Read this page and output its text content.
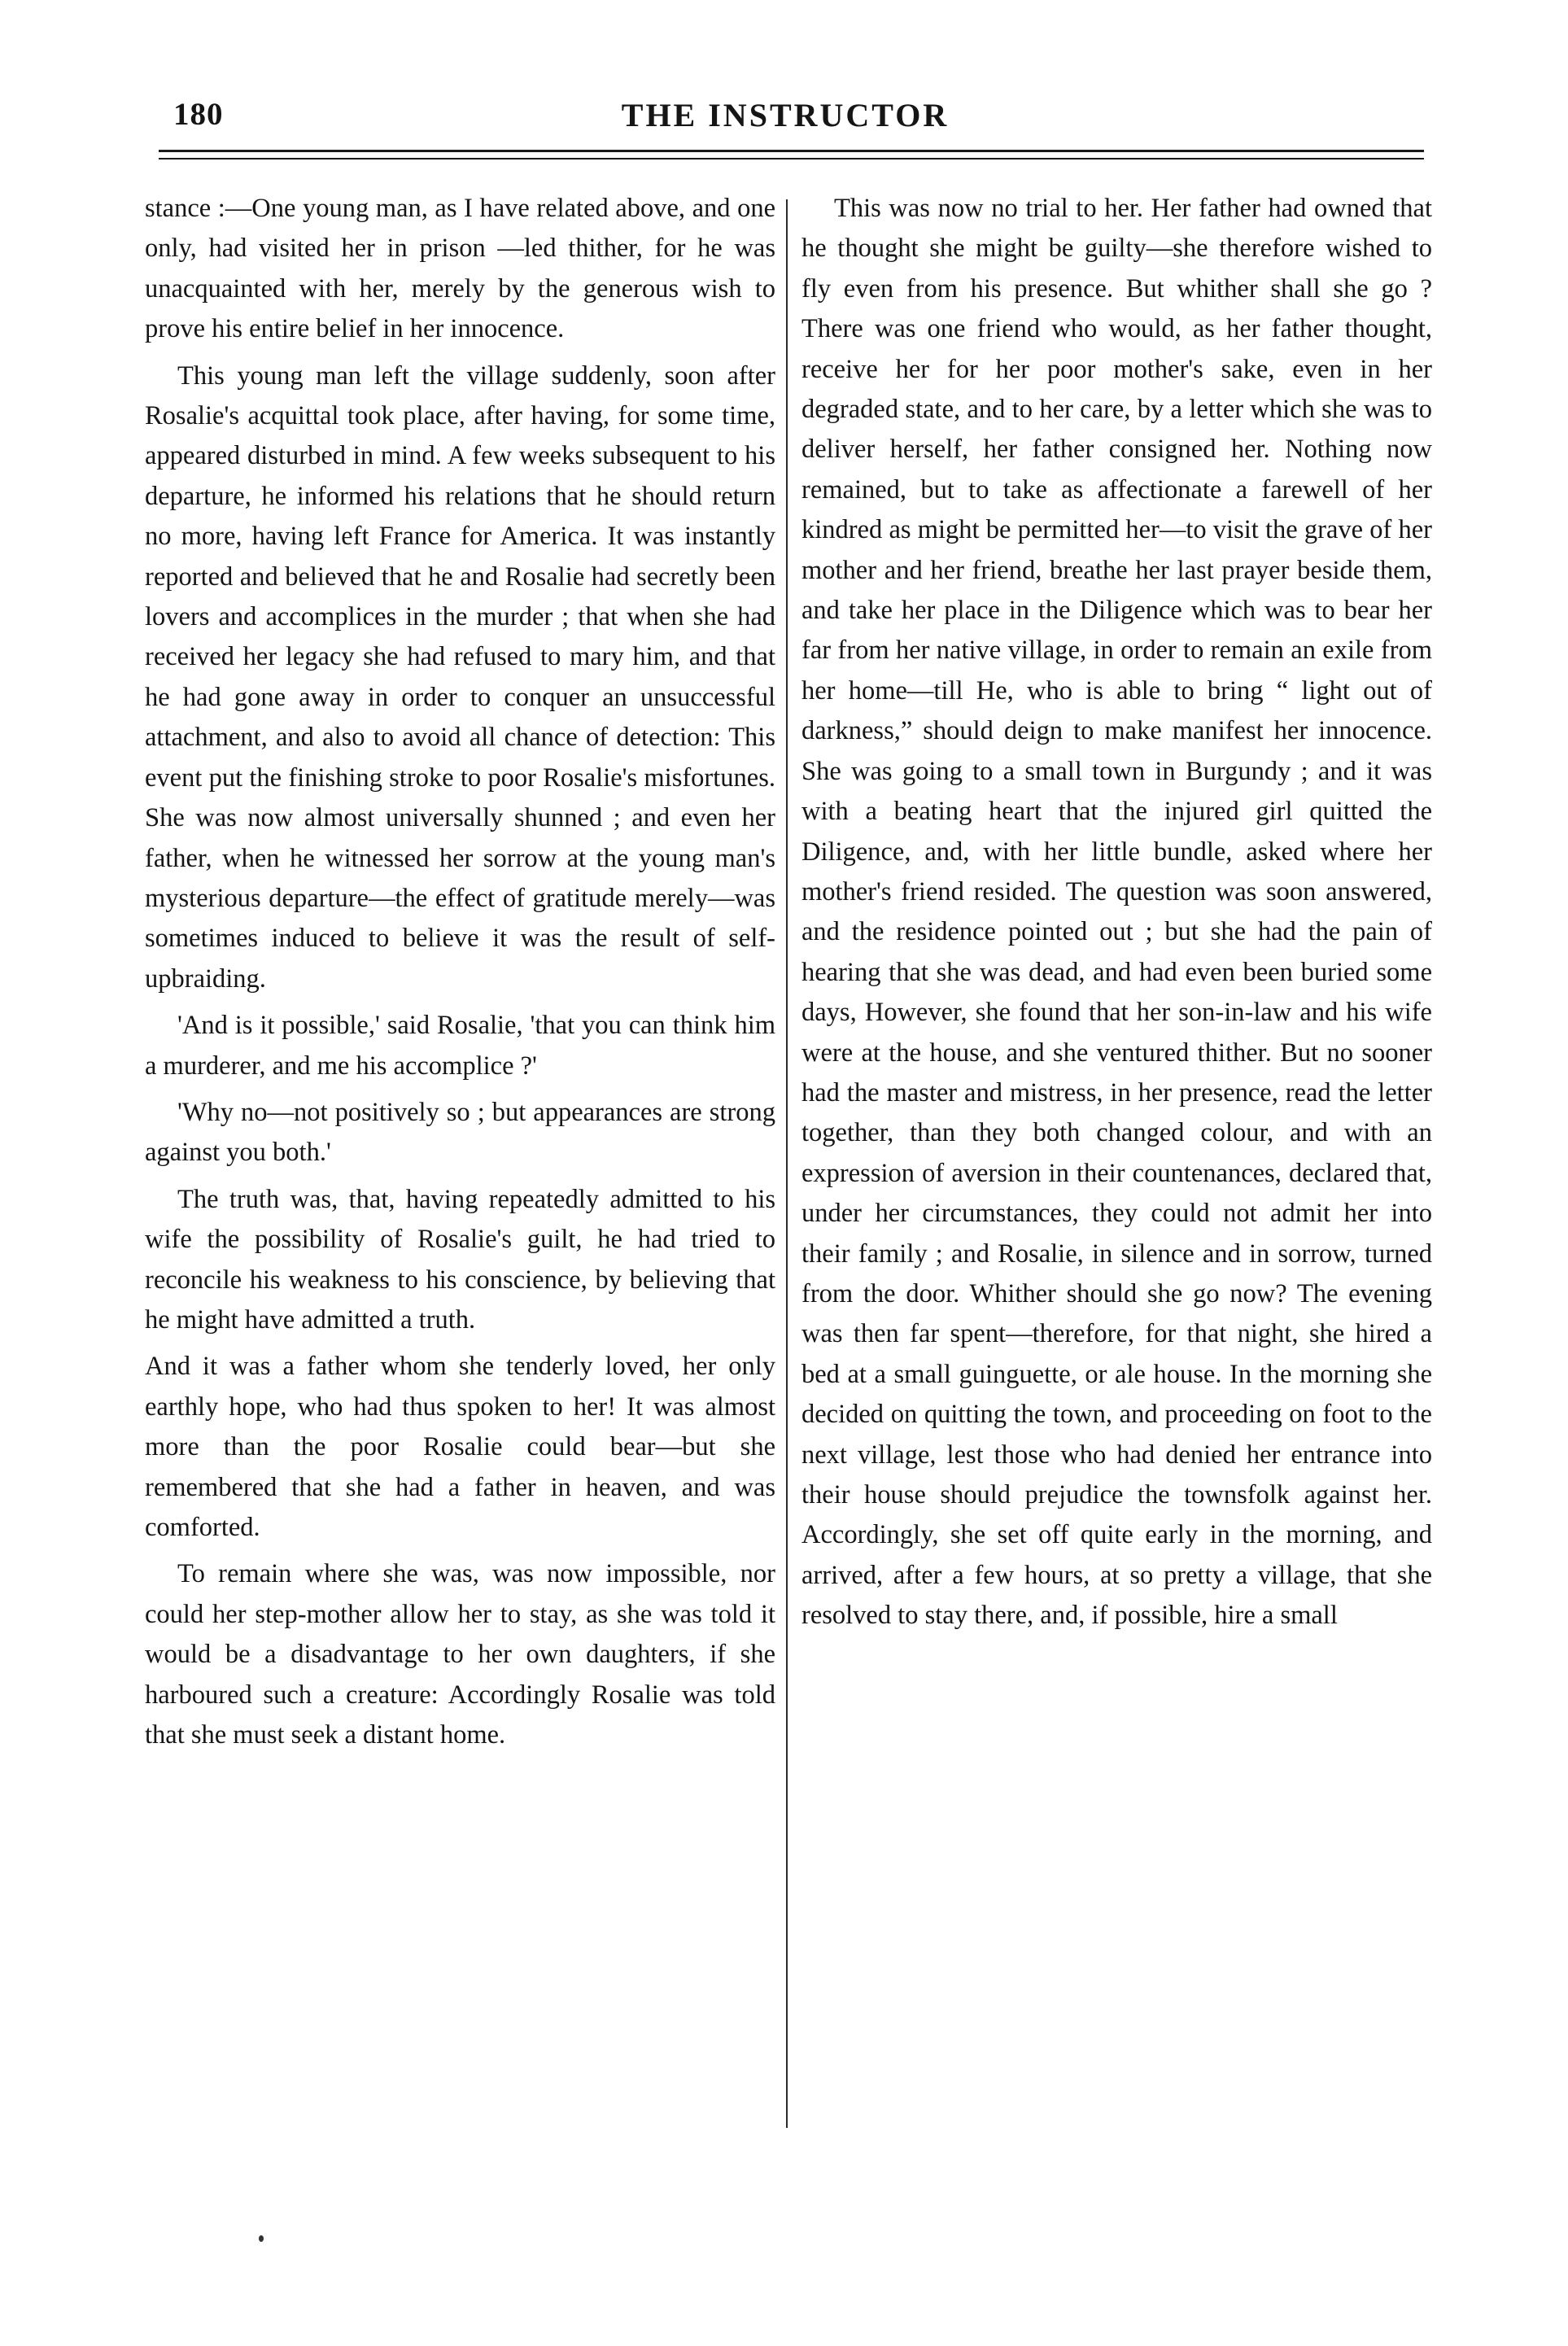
180	THE INSTRUCTOR

stance :—One young man, as I have related above, and one only, had visited her in prison —led thither, for he was unacquainted with her, merely by the generous wish to prove his entire belief in her innocence.

This young man left the village suddenly, soon after Rosalie's acquittal took place, after having, for some time, appeared disturbed in mind. A few weeks subsequent to his departure, he informed his relations that he should return no more, having left France for America. It was instantly reported and believed that he and Rosalie had secretly been lovers and accomplices in the murder ; that when she had received her legacy she had refused to mary him, and that he had gone away in order to conquer an unsuccessful attachment, and also to avoid all chance of detection: This event put the finishing stroke to poor Rosalie's misfortunes. She was now almost universally shunned ; and even her father, when he witnessed her sorrow at the young man's mysterious departure—the effect of gratitude merely—was sometimes induced to believe it was the result of self-upbraiding.

'And is it possible,' said Rosalie, 'that you can think him a murderer, and me his accomplice ?'

'Why no—not positively so ; but appearances are strong against you both.'

The truth was, that, having repeatedly admitted to his wife the possibility of Rosalie's guilt, he had tried to reconcile his weakness to his conscience, by believing that he might have admitted a truth.

And it was a father whom she tenderly loved, her only earthly hope, who had thus spoken to her! It was almost more than the poor Rosalie could bear—but she remembered that she had a father in heaven, and was comforted.

To remain where she was, was now impossible, nor could her step-mother allow her to stay, as she was told it would be a disadvantage to her own daughters, if she harboured such a creature: Accordingly Rosalie was told that she must seek a distant home.

This was now no trial to her. Her father had owned that he thought she might be guilty—she therefore wished to fly even from his presence. But whither shall she go ? There was one friend who would, as her father thought, receive her for her poor mother's sake, even in her degraded state, and to her care, by a letter which she was to deliver herself, her father consigned her. Nothing now remained, but to take as affectionate a farewell of her kindred as might be permitted her—to visit the grave of her mother and her friend, breathe her last prayer beside them, and take her place in the Diligence which was to bear her far from her native village, in order to remain an exile from her home—till He, who is able to bring “ light out of darkness,” should deign to make manifest her innocence. She was going to a small town in Burgundy ; and it was with a beating heart that the injured girl quitted the Diligence, and, with her little bundle, asked where her mother's friend resided. The question was soon answered, and the residence pointed out ; but she had the pain of hearing that she was dead, and had even been buried some days, However, she found that her son-in-law and his wife were at the house, and she ventured thither. But no sooner had the master and mistress, in her presence, read the letter together, than they both changed colour, and with an expression of aversion in their countenances, declared that, under her circumstances, they could not admit her into their family ; and Rosalie, in silence and in sorrow, turned from the door. Whither should she go now? The evening was then far spent—therefore, for that night, she hired a bed at a small guinguette, or ale house. In the morning she decided on quitting the town, and proceeding on foot to the next village, lest those who had denied her entrance into their house should prejudice the townsfolk against her. Accordingly, she set off quite early in the morning, and arrived, after a few hours, at so pretty a village, that she resolved to stay there, and, if possible, hire a small
